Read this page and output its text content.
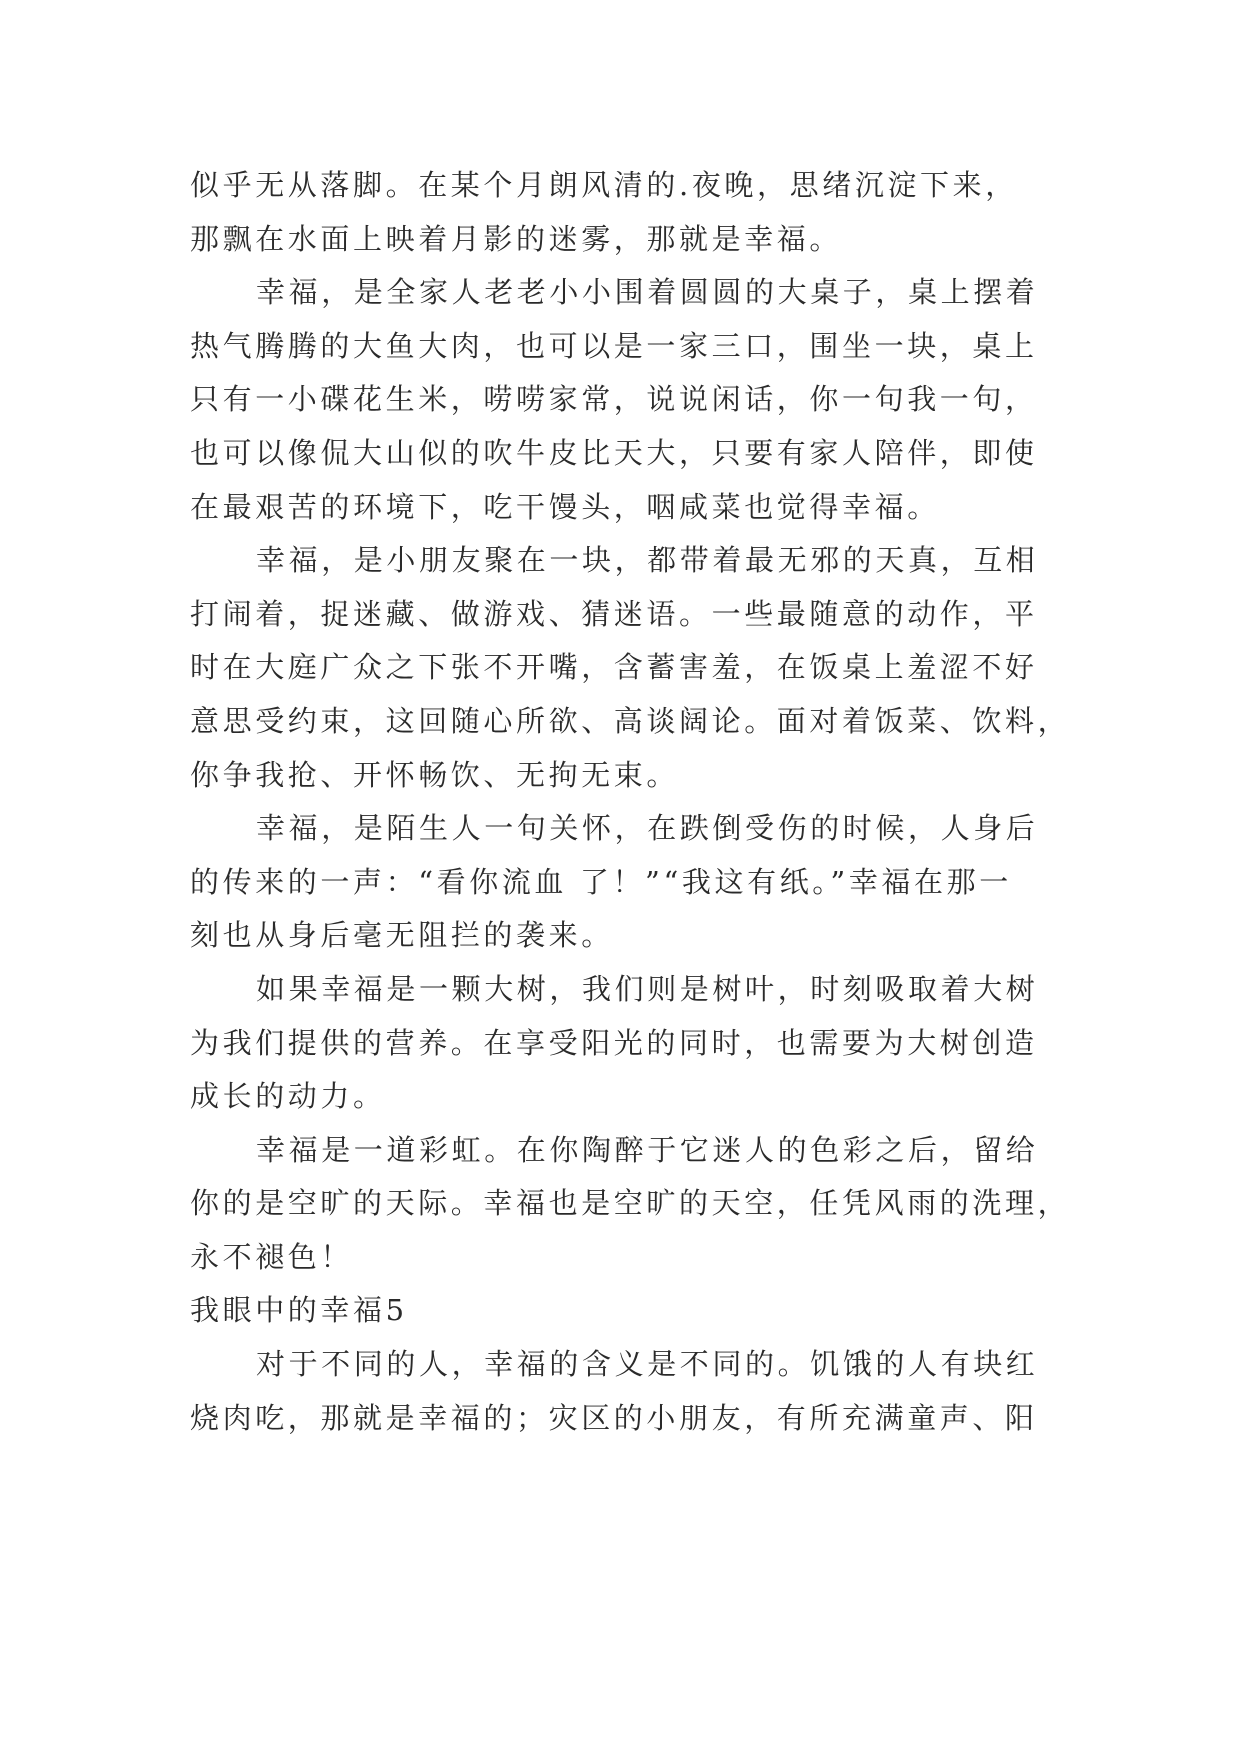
似乎无从落脚。在某个月朗风清的.夜晚，思绪沉淀下来，
那飘在水面上映着月影的迷雾，那就是幸福。
幸福，是全家人老老小小围着圆圆的大桌子，桌上摆着
热气腾腾的大鱼大肉，也可以是一家三口，围坐一块，桌上
只有一小碟花生米，唠唠家常，说说闲话，你一句我一句，
也可以像侃大山似的吹牛皮比天大，只要有家人陪伴，即使
在最艰苦的环境下，吃干馒头，咽咸菜也觉得幸福。
幸福，是小朋友聚在一块，都带着最无邪的天真，互相
打闹着，捉迷藏、做游戏、猜迷语。一些最随意的动作，平
时在大庭广众之下张不开嘴，含蓄害羞，在饭桌上羞涩不好
意思受约束，这回随心所欲、高谈阔论。面对着饭菜、饮料，
你争我抢、开怀畅饮、无拘无束。
幸福，是陌生人一句关怀，在跌倒受伤的时候，人身后
的传来的一声：“看你流血 了！”“我这有纸。”幸福在那一
刻也从身后毫无阻拦的袭来。
如果幸福是一颗大树，我们则是树叶，时刻吸取着大树
为我们提供的营养。在享受阳光的同时，也需要为大树创造
成长的动力。
幸福是一道彩虹。在你陶醉于它迷人的色彩之后，留给
你的是空旷的天际。幸福也是空旷的天空，任凭风雨的洗理，
永不褪色！
我眼中的幸福5
对于不同的人，幸福的含义是不同的。饥饿的人有块红
烧肉吃，那就是幸福的；灾区的小朋友，有所充满童声、阳
